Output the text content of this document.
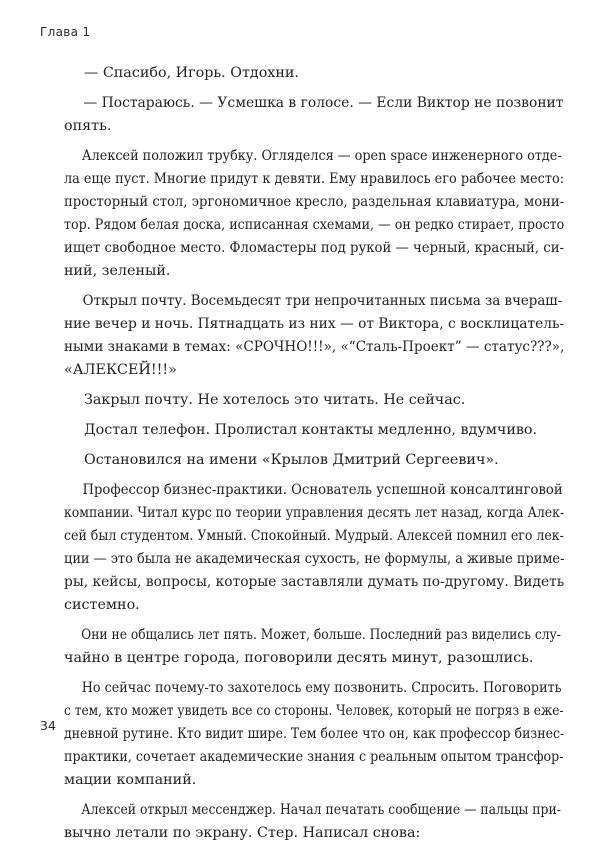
Глава 1
— Спасибо, Игорь. Отдохни.
— Постараюсь. — Усмешка в голосе. — Если Виктор не позвонит
опять.
Алексей положил трубку. Огляделся — open space инженерного отде-
ла еще пуст. Многие придут к девяти. Ему нравилось его рабочее место:
просторный стол, эргономичное кресло, раздельная клавиатура, мони-
тор. Рядом белая доска, исписанная схемами, — он редко стирает, просто
ищет свободное место. Фломастеры под рукой — черный, красный, си-
ний, зеленый.
Открыл почту. Восемьдесят три непрочитанных письма за вчераш-
ние вечер и ночь. Пятнадцать из них — от Виктора, с восклицатель-
ными знаками в темах: «СРОЧНО!!!», «“Сталь-Проект” — статус???»,
«АЛЕКСЕЙ!!!»
Закрыл почту. Не хотелось это читать. Не сейчас.
Достал телефон. Пролистал контакты медленно, вдумчиво.
Остановился на имени «Крылов Дмитрий Сергеевич».
Профессор бизнес-практики. Основатель успешной консалтинговой
компании. Читал курс по теории управления десять лет назад, когда Алек-
сей был студентом. Умный. Спокойный. Мудрый. Алексей помнил его лек-
ции — это была не академическая сухость, не формулы, а живые приме-
ры, кейсы, вопросы, которые заставляли думать по-другому. Видеть
системно.
Они не общались лет пять. Может, больше. Последний раз виделись слу-
чайно в центре города, поговорили десять минут, разошлись.
Но сейчас почему-то захотелось ему позвонить. Спросить. Поговорить
с тем, кто может увидеть все со стороны. Человек, который не погряз в ежe-
дневной рутине. Кто видит шире. Тем более что он, как профессор бизнес-
практики, сочетает академические знания с реальным опытом трансфор-
мации компаний.
Алексей открыл мессенджер. Начал печатать сообщение — пальцы при-
вычно летали по экрану. Стер. Написал снова:
34
